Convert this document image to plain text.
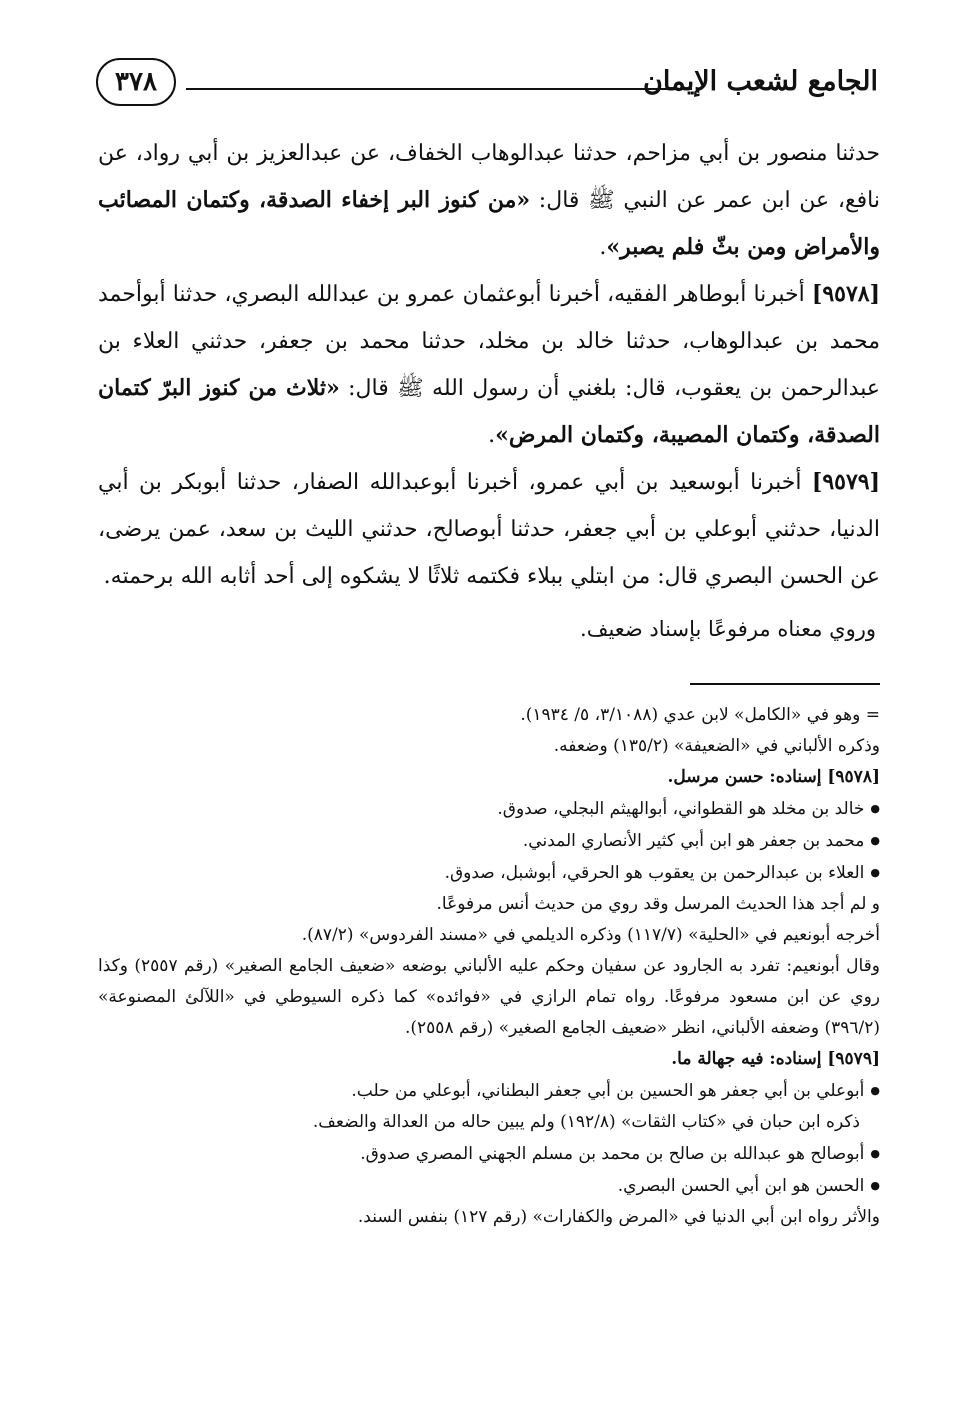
الجامع لشعب الإيمان
٣٧٨

حدثنا منصور بن أبي مزاحم، حدثنا عبدالوهاب الخفاف، عن عبدالعزيز بن أبي رواد، عن نافع، عن ابن عمر عن النبي ﷺ قال: «من كنوز البر إخفاء الصدقة، وكتمان المصائب والأمراض ومن بثّ فلم يصبر».

[٩٥٧٨] أخبرنا أبوطاهر الفقيه، أخبرنا أبوعثمان عمرو بن عبدالله البصري، حدثنا أبوأحمد محمد بن عبدالوهاب، حدثنا خالد بن مخلد، حدثنا محمد بن جعفر، حدثني العلاء بن عبدالرحمن بن يعقوب، قال: بلغني أن رسول الله ﷺ قال: «ثلاث من كنوز البرّ كتمان الصدقة، وكتمان المصيبة، وكتمان المرض».

[٩٥٧٩] أخبرنا أبوسعيد بن أبي عمرو، أخبرنا أبوعبدالله الصفار، حدثنا أبوبكر بن أبي الدنيا، حدثني أبوعلي بن أبي جعفر، حدثنا أبوصالح، حدثني الليث بن سعد، عمن يرضى، عن الحسن البصري قال: من ابتلي ببلاء فكتمه ثلاثًا لا يشكوه إلى أحد أثابه الله برحمته.

وروي معناه مرفوعًا بإسناد ضعيف.

= وهو في «الكامل» لابن عدي (٣/١٠٨٨، ٥/ ١٩٣٤).

وذكره الألباني في «الضعيفة» (١٣٥/٢) وضعفه.

[٩٥٧٨] إسناده: حسن مرسل.

● خالد بن مخلد هو القطواني، أبوالهيثم البجلي، صدوق.

● محمد بن جعفر هو ابن أبي كثير الأنصاري المدني.

● العلاء بن عبدالرحمن بن يعقوب هو الحرقي، أبوشبل، صدوق.

و لم أجد هذا الحديث المرسل وقد روي من حديث أنس مرفوعًا.

أخرجه أبونعيم في «الحلية» (١١٧/٧) وذكره الديلمي في «مسند الفردوس» (٨٧/٢).

وقال أبونعيم: تفرد به الجارود عن سفيان وحكم عليه الألباني بوضعه «ضعيف الجامع الصغير» (رقم ٢٥٥٧) وكذا روي عن ابن مسعود مرفوعًا. رواه تمام الرازي في «فوائده» كما ذكره السيوطي في «اللآلئ المصنوعة» (٣٩٦/٢) وضعفه الألباني، انظر «ضعيف الجامع الصغير» (رقم ٢٥٥٨).

[٩٥٧٩] إسناده: فيه جهالة ما.

● أبوعلي بن أبي جعفر هو الحسين بن أبي جعفر البطناني، أبوعلي من حلب.

ذكره ابن حبان في «كتاب الثقات» (١٩٢/٨) ولم يبين حاله من العدالة والضعف.

● أبوصالح هو عبدالله بن صالح بن محمد بن مسلم الجهني المصري صدوق.

● الحسن هو ابن أبي الحسن البصري.

والأثر رواه ابن أبي الدنيا في «المرض والكفارات» (رقم ١٢٧) بنفس السند.
